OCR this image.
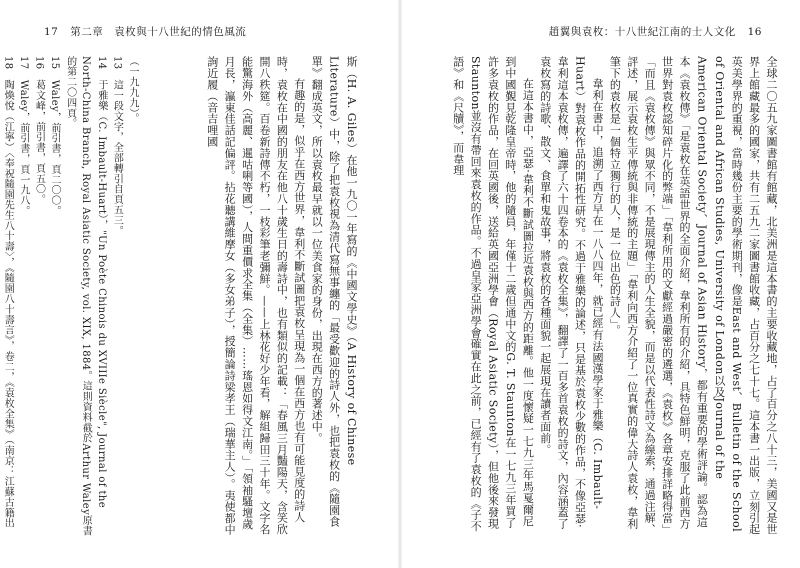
17 第二章　袁枚與十八世紀的情色風流

斯（H. A. Giles）在他一九〇一年寫的《中國文學史》（A History of Chinese Literature）中，除了把袁枚視為清代寫無事纏的「最受歡迎的詩人外，也把袁枚的《隨園食單》翻成英文，所以袁枚最早就以一位美食家的身份，出現在西方的著述中。

有趣的是，似乎在西方世界，韋利不斷試圖把袁枚呈現為一個在西方也有可能見度的詩人時，袁枚在中國的朋友在他八十歲生日的壽詩中，也有類似的記載：「春風三月豔陽天，含笑欣開八秩筵。百卷新詩傳不朽，一枝彩筆老彌鮮。——上林花好少年看，解組歸田三十年。文字名能驚海外（高麗、暹咕唎等國），人間重價求全集（全集）……瑤恩如得文江南。」「領袖騷壇歲月長，瀛東佳話記偏評。拈花聽講維摩女（多女弟子），授簡論詩梁孝王（瑞華主人）。夷使都中詢近履（音吉哩國

（一九九九）。

13　這一段文字，全部轉引自頁五三。

14　于雅樂（C. Imbault-Huart），"Un Poète Chinois du XVIIIe Siècle", Journal of the North-China Branch, Royal Asiatic Society, vol. XIX, 1884。這則資料截於Arthur Waley原書的第二〇四頁。

15　Waley，前引書，頁二〇〇。

16　葛文峰，前引書，頁五〇。

17　Waley，前引書，頁一九八。

18　陶煥悅（江寧）〈奉祝隨園先生八十壽〉，《隨園八十壽言》，卷二，《袁枚全集》（南京：江蘇古籍出

趙翼與袁枚：十八世紀江南的士人文化 16

全球二〇五九家圖書館有館藏，北美洲是這本書的主要收藏地，占了百分之八十三，美國又是世界上館藏最多的國家，共有二五九二家圖書館收藏，占百分之七十七。這本書一出版，立刻引起英美學界的重視，當時幾份主要的學術期刊，像是East and West、Bulletin of the School of Oriental and African Studies, University of London以及Journal of the American Oriental Society、Journal of Asian History，都有重要的學術評論。認為這本《袁枚傳》「是袁枚在英語世界的全面介紹，韋利所有的介紹，具特色鮮明，克服了此前西方世界對袁枚認知碎片化的弊端」「韋利所用的文獻經過嚴密的遴選，《袁枚》各章安排詳略得當」「而且《袁枚傳》與眾不同，不是展現傳主的人生全貌，而是以代表性詩文為線索，通過注解、評述，展示袁枚生平傳統與非傳統的主題」「韋利向西方介紹了一位真實的偉大詩人袁枚，韋利筆下的袁枚是一個特立獨行的人，是一位出色的詩人」。

韋利在書中，追溯了西方早在一八八四年，就已經有法國漢學家于雅樂（C. Imbault-Huart）對袁枚作品的開拓性研究。不過于雅樂的論述，只是基於袁枚少數的作品，不像亞瑟·韋利這本袁枚傳，遍譯了六十四卷本的《袁枚全集》，翻譯了一百多首袁枚的詩文，內容涵蓋了袁枚寫的詩歌、散文、食單和鬼故事，將袁枚的各種面貌一起展現在讀者面前。

在這本書中，亞瑟·韋利不斷試圖拉近袁枚與西方的距離。他一度懷疑一七九三年馬戛爾尼到中國覲見乾隆皇帝時，他的隨員，年僅十二歲但通中文的G. T. Staunton在一七九三年買了許多袁枚的作品，在回英國後，送給英國亞洲學會（Royal Asiatic Society），但他後來發現Staunton並沒有帶回來袁枚的作品。不過皇家亞洲學會確實在此之前，已經有了袁枚的《子不語》和《尺牘》，而韋理
